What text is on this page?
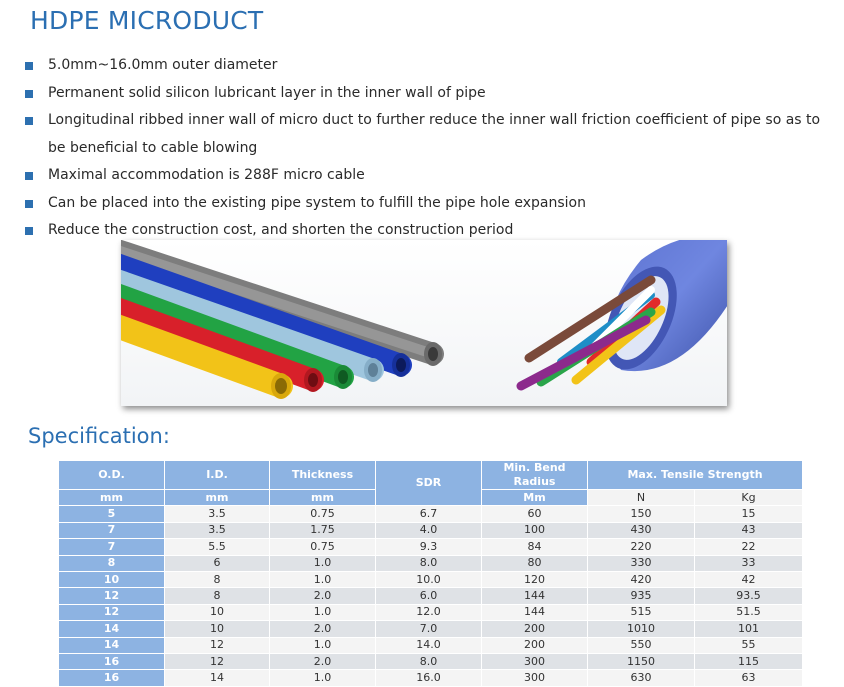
HDPE MICRODUCT
5.0mm~16.0mm outer diameter
Permanent solid silicon lubricant layer in the inner wall of pipe
Longitudinal ribbed inner wall of micro duct to further reduce the inner wall friction coefficient of pipe so as to be beneficial to cable blowing
Maximal accommodation is 288F micro cable
Can be placed into the existing pipe system to fulfill the pipe hole expansion
Reduce the construction cost, and shorten the construction period
Specification:
O.D.	I.D.	Thickness	SDR	Min. Bend Radius	Max. Tensile Strength	
mm	mm	mm		Mm	N	Kg
5	3.5	0.75	6.7	60	150	15
7	3.5	1.75	4.0	100	430	43
7	5.5	0.75	9.3	84	220	22
8	6	1.0	8.0	80	330	33
10	8	1.0	10.0	120	420	42
12	8	2.0	6.0	144	935	93.5
12	10	1.0	12.0	144	515	51.5
14	10	2.0	7.0	200	1010	101
14	12	1.0	14.0	200	550	55
16	12	2.0	8.0	300	1150	115
16	14	1.0	16.0	300	630	63
